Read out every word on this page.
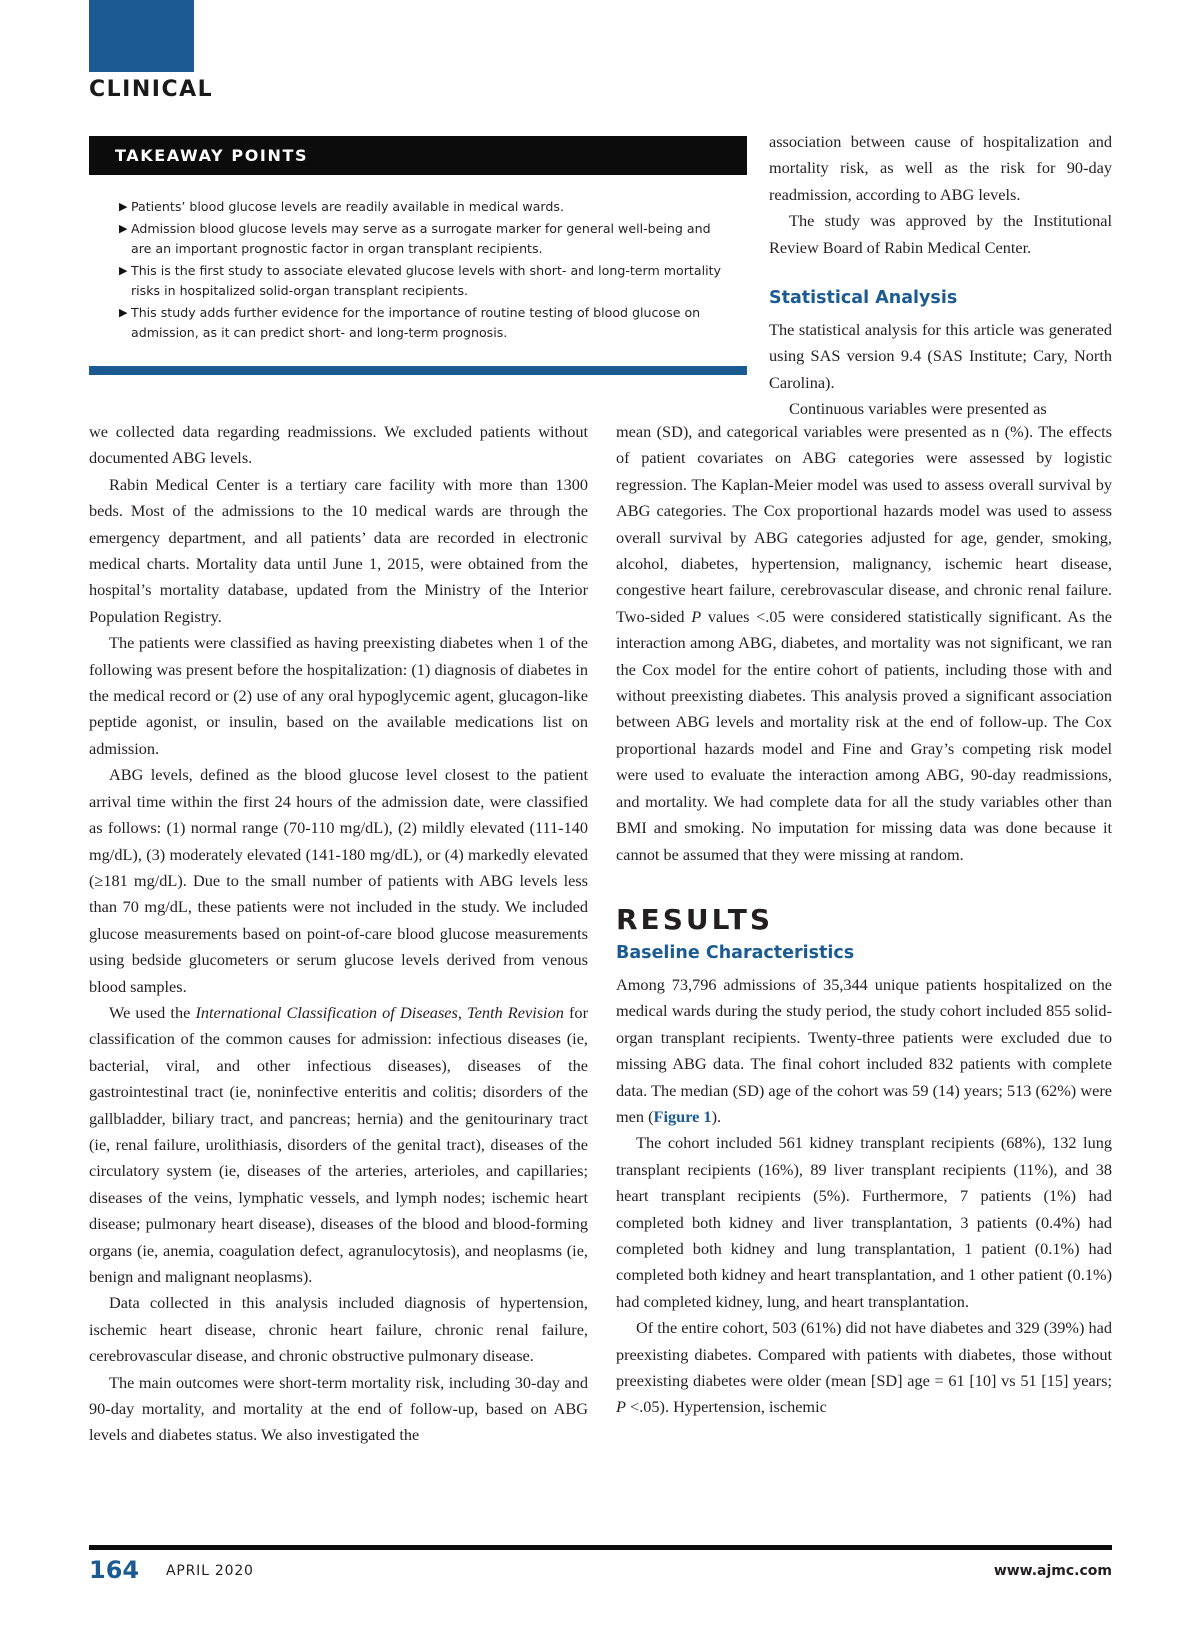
CLINICAL
TAKEAWAY POINTS
▶ Patients’ blood glucose levels are readily available in medical wards.
▶ Admission blood glucose levels may serve as a surrogate marker for general well-being and are an important prognostic factor in organ transplant recipients.
▶ This is the first study to associate elevated glucose levels with short- and long-term mortality risks in hospitalized solid-organ transplant recipients.
▶ This study adds further evidence for the importance of routine testing of blood glucose on admission, as it can predict short- and long-term prognosis.

association between cause of hospitalization and mortality risk, as well as the risk for 90-day readmission, according to ABG levels.

The study was approved by the Institutional Review Board of Rabin Medical Center.

Statistical Analysis

The statistical analysis for this article was generated using SAS version 9.4 (SAS Institute; Cary, North Carolina).

Continuous variables were presented as

we collected data regarding readmissions. We excluded patients without documented ABG levels.

Rabin Medical Center is a tertiary care facility with more than 1300 beds. Most of the admissions to the 10 medical wards are through the emergency department, and all patients’ data are recorded in electronic medical charts. Mortality data until June 1, 2015, were obtained from the hospital’s mortality database, updated from the Ministry of the Interior Population Registry.

The patients were classified as having preexisting diabetes when 1 of the following was present before the hospitalization: (1) diagnosis of diabetes in the medical record or (2) use of any oral hypoglycemic agent, glucagon-like peptide agonist, or insulin, based on the available medications list on admission.

ABG levels, defined as the blood glucose level closest to the patient arrival time within the first 24 hours of the admission date, were classified as follows: (1) normal range (70-110 mg/dL), (2) mildly elevated (111-140 mg/dL), (3) moderately elevated (141-180 mg/dL), or (4) markedly elevated (≥181 mg/dL). Due to the small number of patients with ABG levels less than 70 mg/dL, these patients were not included in the study. We included glucose measurements based on point-of-care blood glucose measurements using bedside glucometers or serum glucose levels derived from venous blood samples.

We used the International Classification of Diseases, Tenth Revision for classification of the common causes for admission: infectious diseases (ie, bacterial, viral, and other infectious diseases), diseases of the gastrointestinal tract (ie, noninfective enteritis and colitis; disorders of the gallbladder, biliary tract, and pancreas; hernia) and the genitourinary tract (ie, renal failure, urolithiasis, disorders of the genital tract), diseases of the circulatory system (ie, diseases of the arteries, arterioles, and capillaries; diseases of the veins, lymphatic vessels, and lymph nodes; ischemic heart disease; pulmonary heart disease), diseases of the blood and blood-forming organs (ie, anemia, coagulation defect, agranulocytosis), and neoplasms (ie, benign and malignant neoplasms).

Data collected in this analysis included diagnosis of hypertension, ischemic heart disease, chronic heart failure, chronic renal failure, cerebrovascular disease, and chronic obstructive pulmonary disease.

The main outcomes were short-term mortality risk, including 30-day and 90-day mortality, and mortality at the end of follow-up, based on ABG levels and diabetes status. We also investigated the

mean (SD), and categorical variables were presented as n (%). The effects of patient covariates on ABG categories were assessed by logistic regression. The Kaplan-Meier model was used to assess overall survival by ABG categories. The Cox proportional hazards model was used to assess overall survival by ABG categories adjusted for age, gender, smoking, alcohol, diabetes, hypertension, malignancy, ischemic heart disease, congestive heart failure, cerebrovascular disease, and chronic renal failure. Two-sided P values <.05 were considered statistically significant. As the interaction among ABG, diabetes, and mortality was not significant, we ran the Cox model for the entire cohort of patients, including those with and without preexisting diabetes. This analysis proved a significant association between ABG levels and mortality risk at the end of follow-up. The Cox proportional hazards model and Fine and Gray’s competing risk model were used to evaluate the interaction among ABG, 90-day readmissions, and mortality. We had complete data for all the study variables other than BMI and smoking. No imputation for missing data was done because it cannot be assumed that they were missing at random.

RESULTS
Baseline Characteristics

Among 73,796 admissions of 35,344 unique patients hospitalized on the medical wards during the study period, the study cohort included 855 solid-organ transplant recipients. Twenty-three patients were excluded due to missing ABG data. The final cohort included 832 patients with complete data. The median (SD) age of the cohort was 59 (14) years; 513 (62%) were men (Figure 1).

The cohort included 561 kidney transplant recipients (68%), 132 lung transplant recipients (16%), 89 liver transplant recipients (11%), and 38 heart transplant recipients (5%). Furthermore, 7 patients (1%) had completed both kidney and liver transplantation, 3 patients (0.4%) had completed both kidney and lung transplantation, 1 patient (0.1%) had completed both kidney and heart transplantation, and 1 other patient (0.1%) had completed kidney, lung, and heart transplantation.

Of the entire cohort, 503 (61%) did not have diabetes and 329 (39%) had preexisting diabetes. Compared with patients with diabetes, those without preexisting diabetes were older (mean [SD] age = 61 [10] vs 51 [15] years; P <.05). Hypertension, ischemic

164 APRIL 2020	www.ajmc.com
